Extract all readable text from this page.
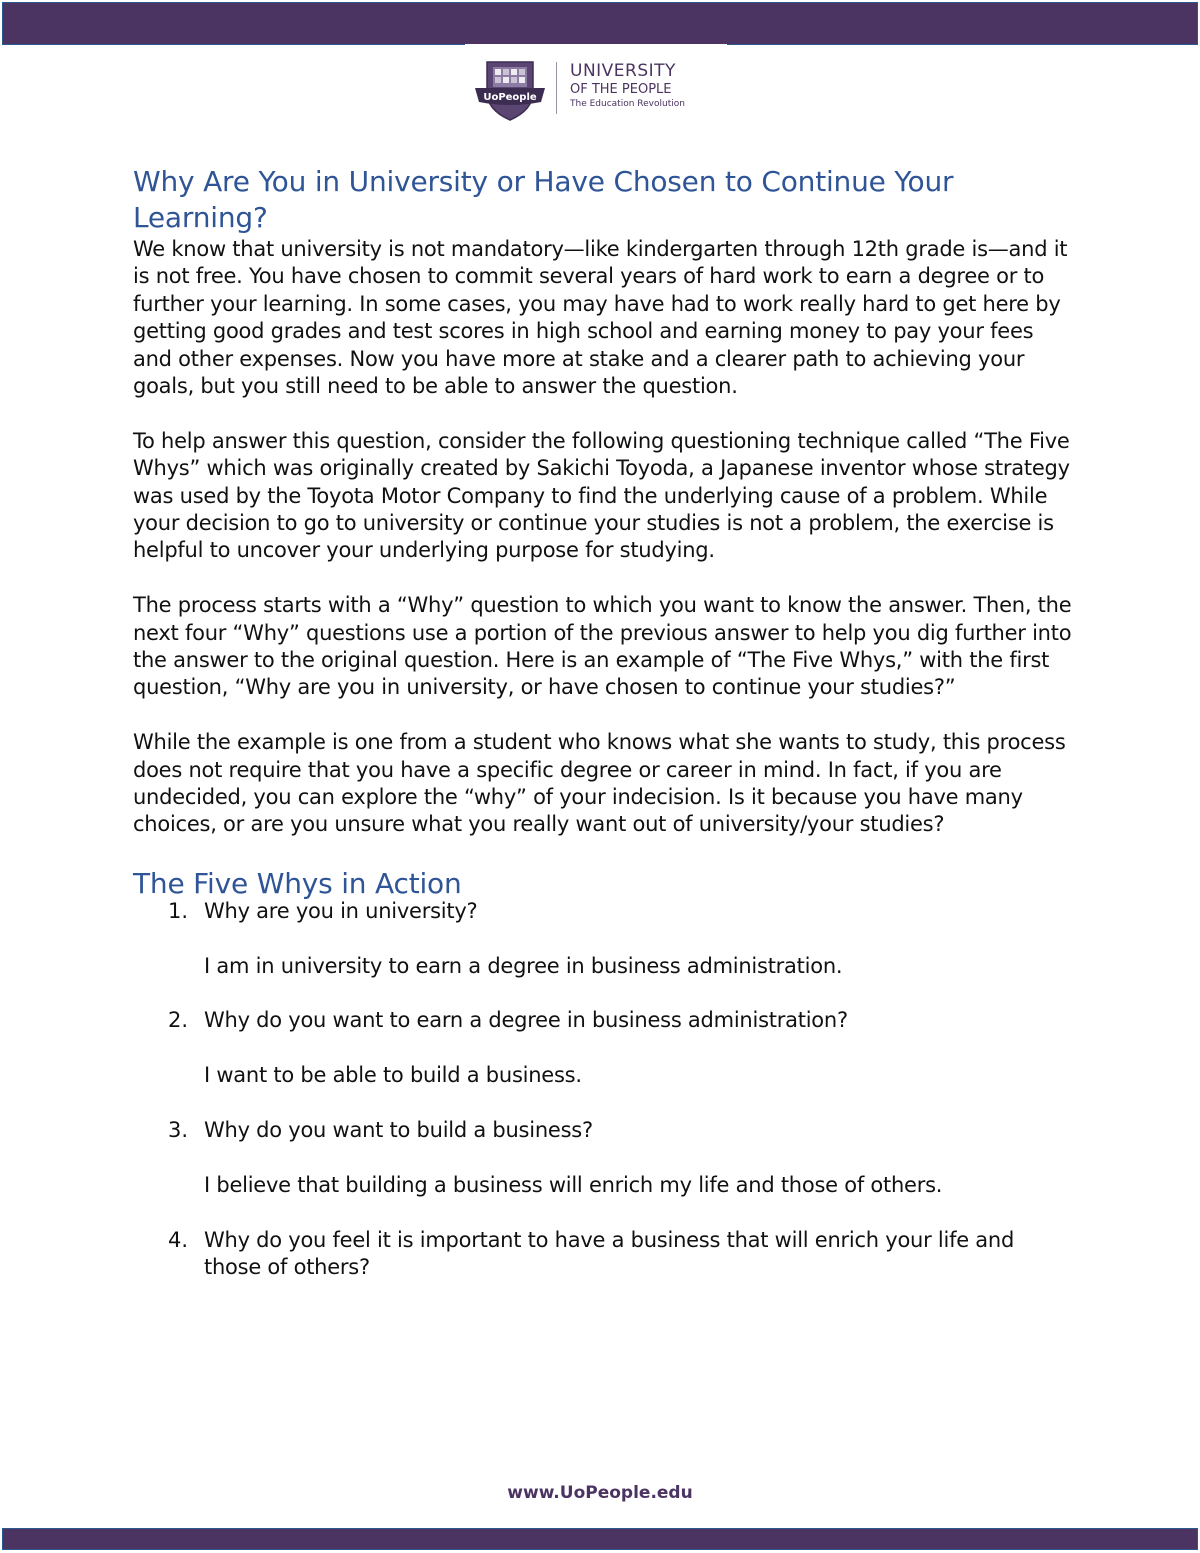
UoPeople
UNIVERSITY
OF THE PEOPLE
The Education Revolution
Why Are You in University or Have Chosen to Continue Your Learning?

We know that university is not mandatory—like kindergarten through 12th grade is—and it is not free. You have chosen to commit several years of hard work to earn a degree or to further your learning. In some cases, you may have had to work really hard to get here by getting good grades and test scores in high school and earning money to pay your fees and other expenses. Now you have more at stake and a clearer path to achieving your goals, but you still need to be able to answer the question.

To help answer this question, consider the following questioning technique called “The Five Whys” which was originally created by Sakichi Toyoda, a Japanese inventor whose strategy was used by the Toyota Motor Company to find the underlying cause of a problem. While your decision to go to university or continue your studies is not a problem, the exercise is helpful to uncover your underlying purpose for studying.

The process starts with a “Why” question to which you want to know the answer. Then, the next four “Why” questions use a portion of the previous answer to help you dig further into the answer to the original question. Here is an example of “The Five Whys,” with the first question, “Why are you in university, or have chosen to continue your studies?”

While the example is one from a student who knows what she wants to study, this process does not require that you have a specific degree or career in mind. In fact, if you are undecided, you can explore the “why” of your indecision. Is it because you have many choices, or are you unsure what you really want out of university/your studies?

The Five Whys in Action
1. Why are you in university?
I am in university to earn a degree in business administration.
2. Why do you want to earn a degree in business administration?
I want to be able to build a business.
3. Why do you want to build a business?
I believe that building a business will enrich my life and those of others.
4. Why do you feel it is important to have a business that will enrich your life and those of others?
www.UoPeople.edu
